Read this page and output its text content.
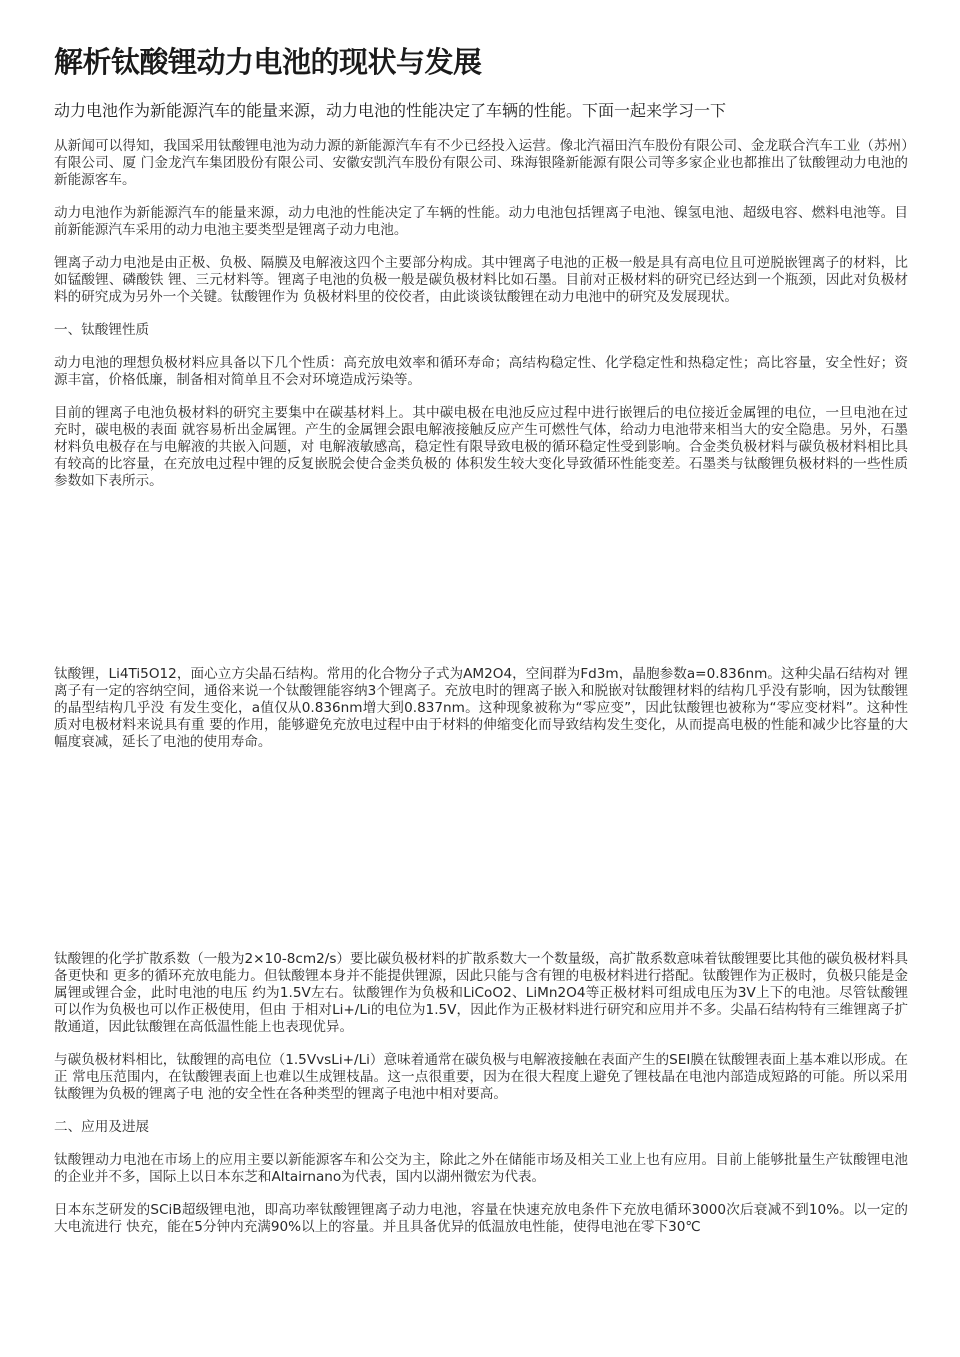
解析钛酸锂动力电池的现状与发展

动力电池作为新能源汽车的能量来源，动力电池的性能决定了车辆的性能。下面一起来学习一下

从新闻可以得知，我国采用钛酸锂电池为动力源的新能源汽车有不少已经投入运营。像北汽福田汽车股份有限公司、金龙联合汽车工业（苏州）有限公司、厦 门金龙汽车集团股份有限公司、安徽安凯汽车股份有限公司、珠海银隆新能源有限公司等多家企业也都推出了钛酸锂动力电池的新能源客车。

动力电池作为新能源汽车的能量来源，动力电池的性能决定了车辆的性能。动力电池包括锂离子电池、镍氢电池、超级电容、燃料电池等。目前新能源汽车采用的动力电池主要类型是锂离子动力电池。

锂离子动力电池是由正极、负极、隔膜及电解液这四个主要部分构成。其中锂离子电池的正极一般是具有高电位且可逆脱嵌锂离子的材料，比如锰酸锂、磷酸铁 锂、三元材料等。锂离子电池的负极一般是碳负极材料比如石墨。目前对正极材料的研究已经达到一个瓶颈，因此对负极材料的研究成为另外一个关键。钛酸锂作为 负极材料里的佼佼者，由此谈谈钛酸锂在动力电池中的研究及发展现状。

一、钛酸锂性质

动力电池的理想负极材料应具备以下几个性质：高充放电效率和循环寿命；高结构稳定性、化学稳定性和热稳定性；高比容量，安全性好；资源丰富，价格低廉，制备相对简单且不会对环境造成污染等。

目前的锂离子电池负极材料的研究主要集中在碳基材料上。其中碳电极在电池反应过程中进行嵌锂后的电位接近金属锂的电位，一旦电池在过充时，碳电极的表面 就容易析出金属锂。产生的金属锂会跟电解液接触反应产生可燃性气体，给动力电池带来相当大的安全隐患。另外，石墨材料负电极存在与电解液的共嵌入问题，对 电解液敏感高，稳定性有限导致电极的循环稳定性受到影响。合金类负极材料与碳负极材料相比具有较高的比容量，在充放电过程中锂的反复嵌脱会使合金类负极的 体积发生较大变化导致循环性能变差。石墨类与钛酸锂负极材料的一些性质参数如下表所示。

钛酸锂，Li4Ti5O12，面心立方尖晶石结构。常用的化合物分子式为AM2O4，空间群为Fd3m，晶胞参数a=0.836nm。这种尖晶石结构对 锂离子有一定的容纳空间，通俗来说一个钛酸锂能容纳3个锂离子。充放电时的锂离子嵌入和脱嵌对钛酸锂材料的结构几乎没有影响，因为钛酸锂的晶型结构几乎没 有发生变化，a值仅从0.836nm增大到0.837nm。这种现象被称为“零应变”，因此钛酸锂也被称为“零应变材料”。这种性质对电极材料来说具有重 要的作用，能够避免充放电过程中由于材料的伸缩变化而导致结构发生变化，从而提高电极的性能和减少比容量的大幅度衰减，延长了电池的使用寿命。

钛酸锂的化学扩散系数（一般为2×10-8cm2/s）要比碳负极材料的扩散系数大一个数量级，高扩散系数意味着钛酸锂要比其他的碳负极材料具备更快和 更多的循环充放电能力。但钛酸锂本身并不能提供锂源，因此只能与含有锂的电极材料进行搭配。钛酸锂作为正极时，负极只能是金属锂或锂合金，此时电池的电压 约为1.5V左右。钛酸锂作为负极和LiCoO2、LiMn2O4等正极材料可组成电压为3V上下的电池。尽管钛酸锂可以作为负极也可以作正极使用，但由 于相对Li+/Li的电位为1.5V，因此作为正极材料进行研究和应用并不多。尖晶石结构特有三维锂离子扩散通道，因此钛酸锂在高低温性能上也表现优异。

与碳负极材料相比，钛酸锂的高电位（1.5VvsLi+/Li）意味着通常在碳负极与电解液接触在表面产生的SEI膜在钛酸锂表面上基本难以形成。在正 常电压范围内，在钛酸锂表面上也难以生成锂枝晶。这一点很重要，因为在很大程度上避免了锂枝晶在电池内部造成短路的可能。所以采用钛酸锂为负极的锂离子电 池的安全性在各种类型的锂离子电池中相对要高。

二、应用及进展

钛酸锂动力电池在市场上的应用主要以新能源客车和公交为主，除此之外在储能市场及相关工业上也有应用。目前上能够批量生产钛酸锂电池的企业并不多，国际上以日本东芝和Altairnano为代表，国内以湖州微宏为代表。

日本东芝研发的SCiB超级锂电池，即高功率钛酸锂锂离子动力电池，容量在快速充放电条件下充放电循环3000次后衰减不到10%。以一定的大电流进行 快充，能在5分钟内充满90%以上的容量。并且具备优异的低温放电性能，使得电池在零下30℃
